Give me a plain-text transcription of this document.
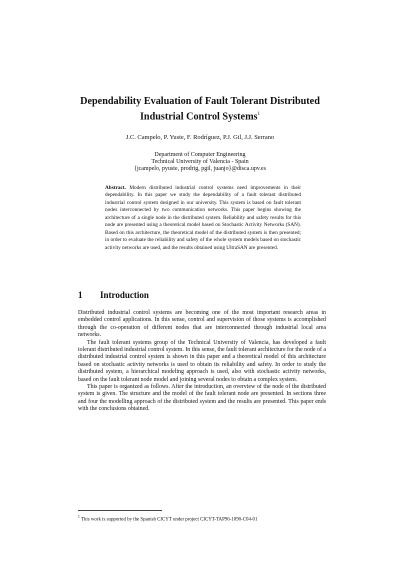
Dependability Evaluation of Fault Tolerant Distributed
Industrial Control Systems$^1$
J.C. Campelo, P. Yuste, F. Rodríguez, P.J. Gil, J.J. Serrano
Department of Computer Engineering
Technical University of Valencia - Spain
{jcampelo, pyuste, prodrig, pgil, juanjo}@disca.upv.es
Abstract. Modern distributed industrial control systems need improvements in their dependability. In this paper we study the dependability of a fault tolerant distributed industrial control system designed in our university. This system is based on fault tolerant nodes interconnected by two communication networks. This paper begins showing the architecture of a single node in the distributed system. Reliability and safety results for this node are presented using a theoretical model based on Stochastic Activity Networks (SAN). Based on this architecture, the theoretical model of the distributed system is then presented; in order to evaluate the reliability and safety of the whole system models based on stochastic activity networks are used, and the results obtained using UltraSAN are presented.
1 Introduction

Distributed industrial control systems are becoming one of the most important research areas in embedded control applications. In this sense, control and supervision of those systems is accomplished through the co-operation of different nodes that are interconnected through industrial local area networks.

The fault tolerant systems group of the Technical University of Valencia, has developed a fault tolerant distributed industrial control system. In this sense, the fault tolerant architecture for the node of a distributed industrial control system is shown in this paper and a theoretical model of this architecture based on stochastic activity networks is used to obtain its reliability and safety. In order to study the distributed system, a hierarchical modeling approach is used, also with stochastic activity networks, based on the fault tolerant node model and joining several nodes to obtain a complex system.

This paper is organized as follows. After the introduction, an overview of the node of the distributed system is given. The structure and the model of the fault tolerant node are presented. In sections three and four the modelling approach of the distributed system and the results are presented. This paper ends with the conclusions obtained.

$^1$ This work is supported by the Spanish CICYT under project CICYT-TAP96-1090-C04-01
